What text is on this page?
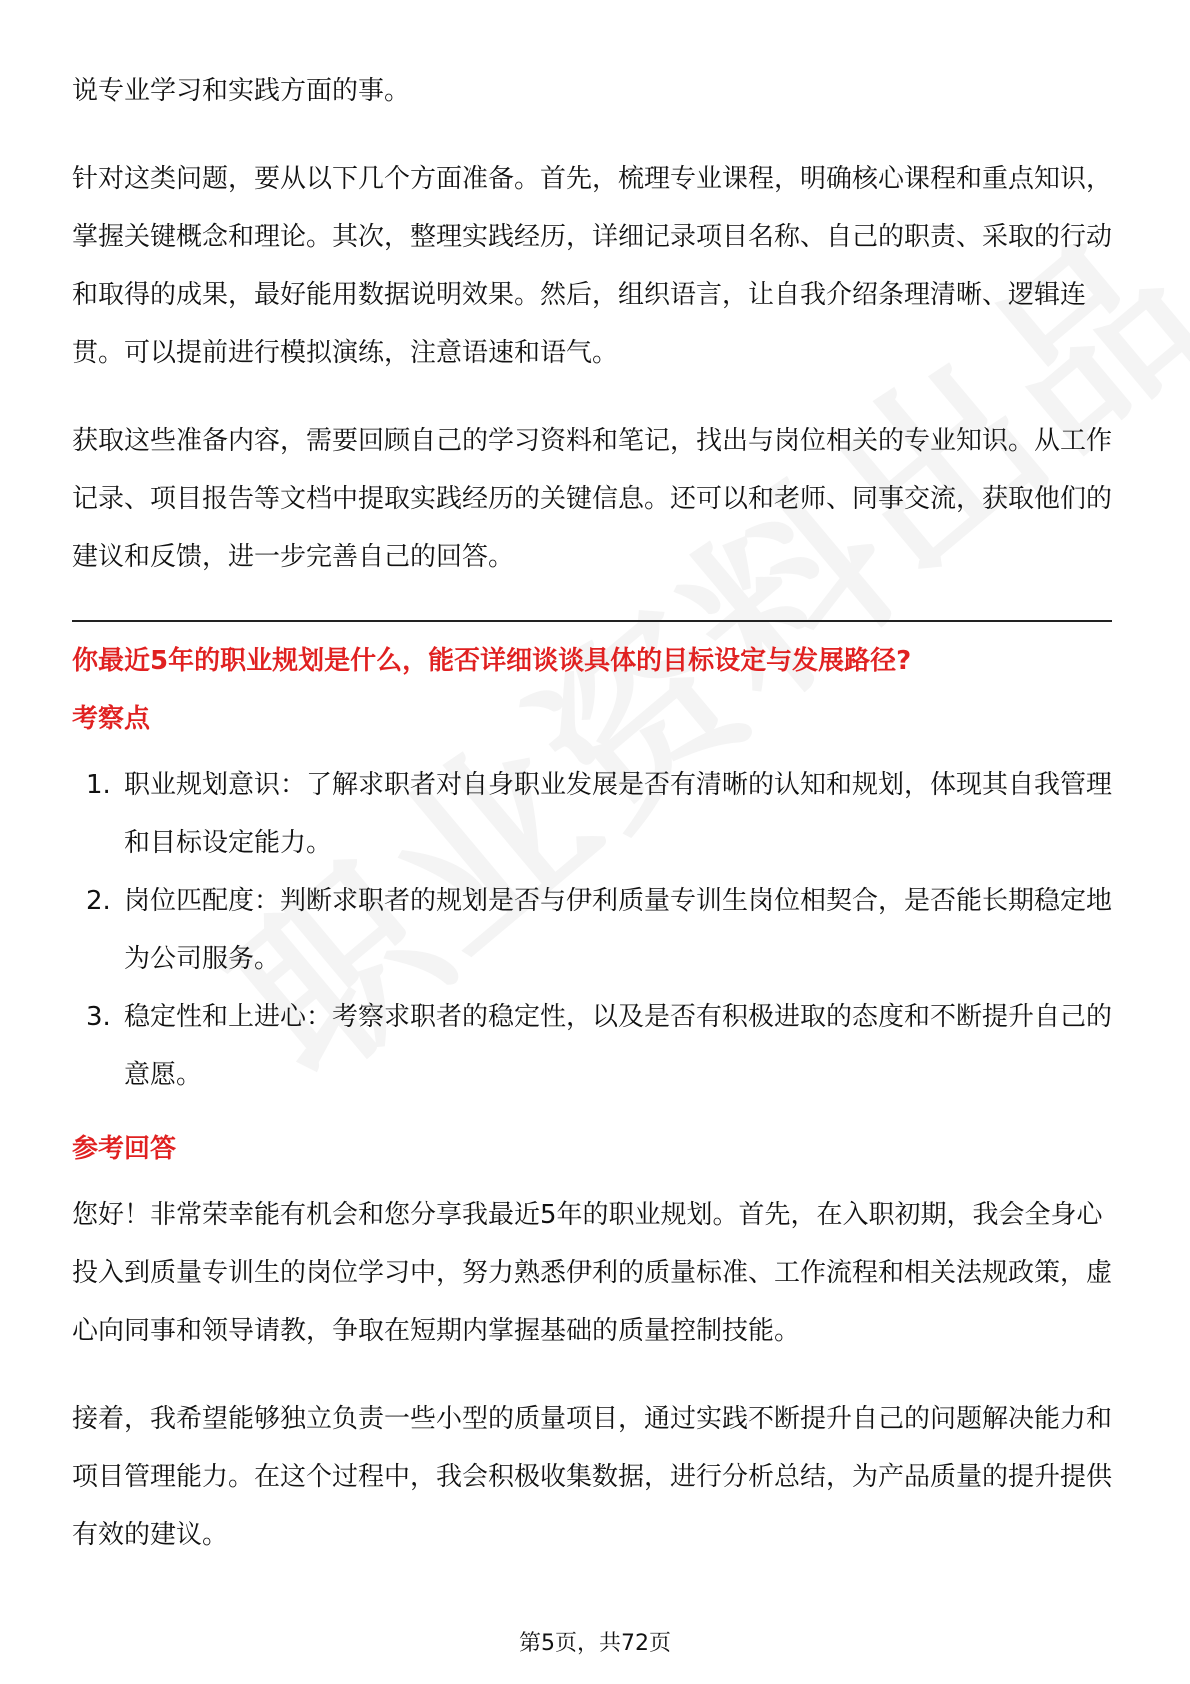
说专业学习和实践方面的事。

针对这类问题，要从以下几个方面准备。首先，梳理专业课程，明确核心课程和重点知识，掌握关键概念和理论。其次，整理实践经历，详细记录项目名称、自己的职责、采取的行动和取得的成果，最好能用数据说明效果。然后，组织语言，让自我介绍条理清晰、逻辑连贯。可以提前进行模拟演练，注意语速和语气。

获取这些准备内容，需要回顾自己的学习资料和笔记，找出与岗位相关的专业知识。从工作记录、项目报告等文档中提取实践经历的关键信息。还可以和老师、同事交流，获取他们的建议和反馈，进一步完善自己的回答。

你最近5年的职业规划是什么，能否详细谈谈具体的目标设定与发展路径?

考察点

1. 职业规划意识：了解求职者对自身职业发展是否有清晰的认知和规划，体现其自我管理和目标设定能力。
2. 岗位匹配度：判断求职者的规划是否与伊利质量专训生岗位相契合，是否能长期稳定地为公司服务。
3. 稳定性和上进心：考察求职者的稳定性，以及是否有积极进取的态度和不断提升自己的意愿。

参考回答

您好！非常荣幸能有机会和您分享我最近5年的职业规划。首先，在入职初期，我会全身心投入到质量专训生的岗位学习中，努力熟悉伊利的质量标准、工作流程和相关法规政策，虚心向同事和领导请教，争取在短期内掌握基础的质量控制技能。

接着，我希望能够独立负责一些小型的质量项目，通过实践不断提升自己的问题解决能力和项目管理能力。在这个过程中，我会积极收集数据，进行分析总结，为产品质量的提升提供有效的建议。

第5页，共72页
